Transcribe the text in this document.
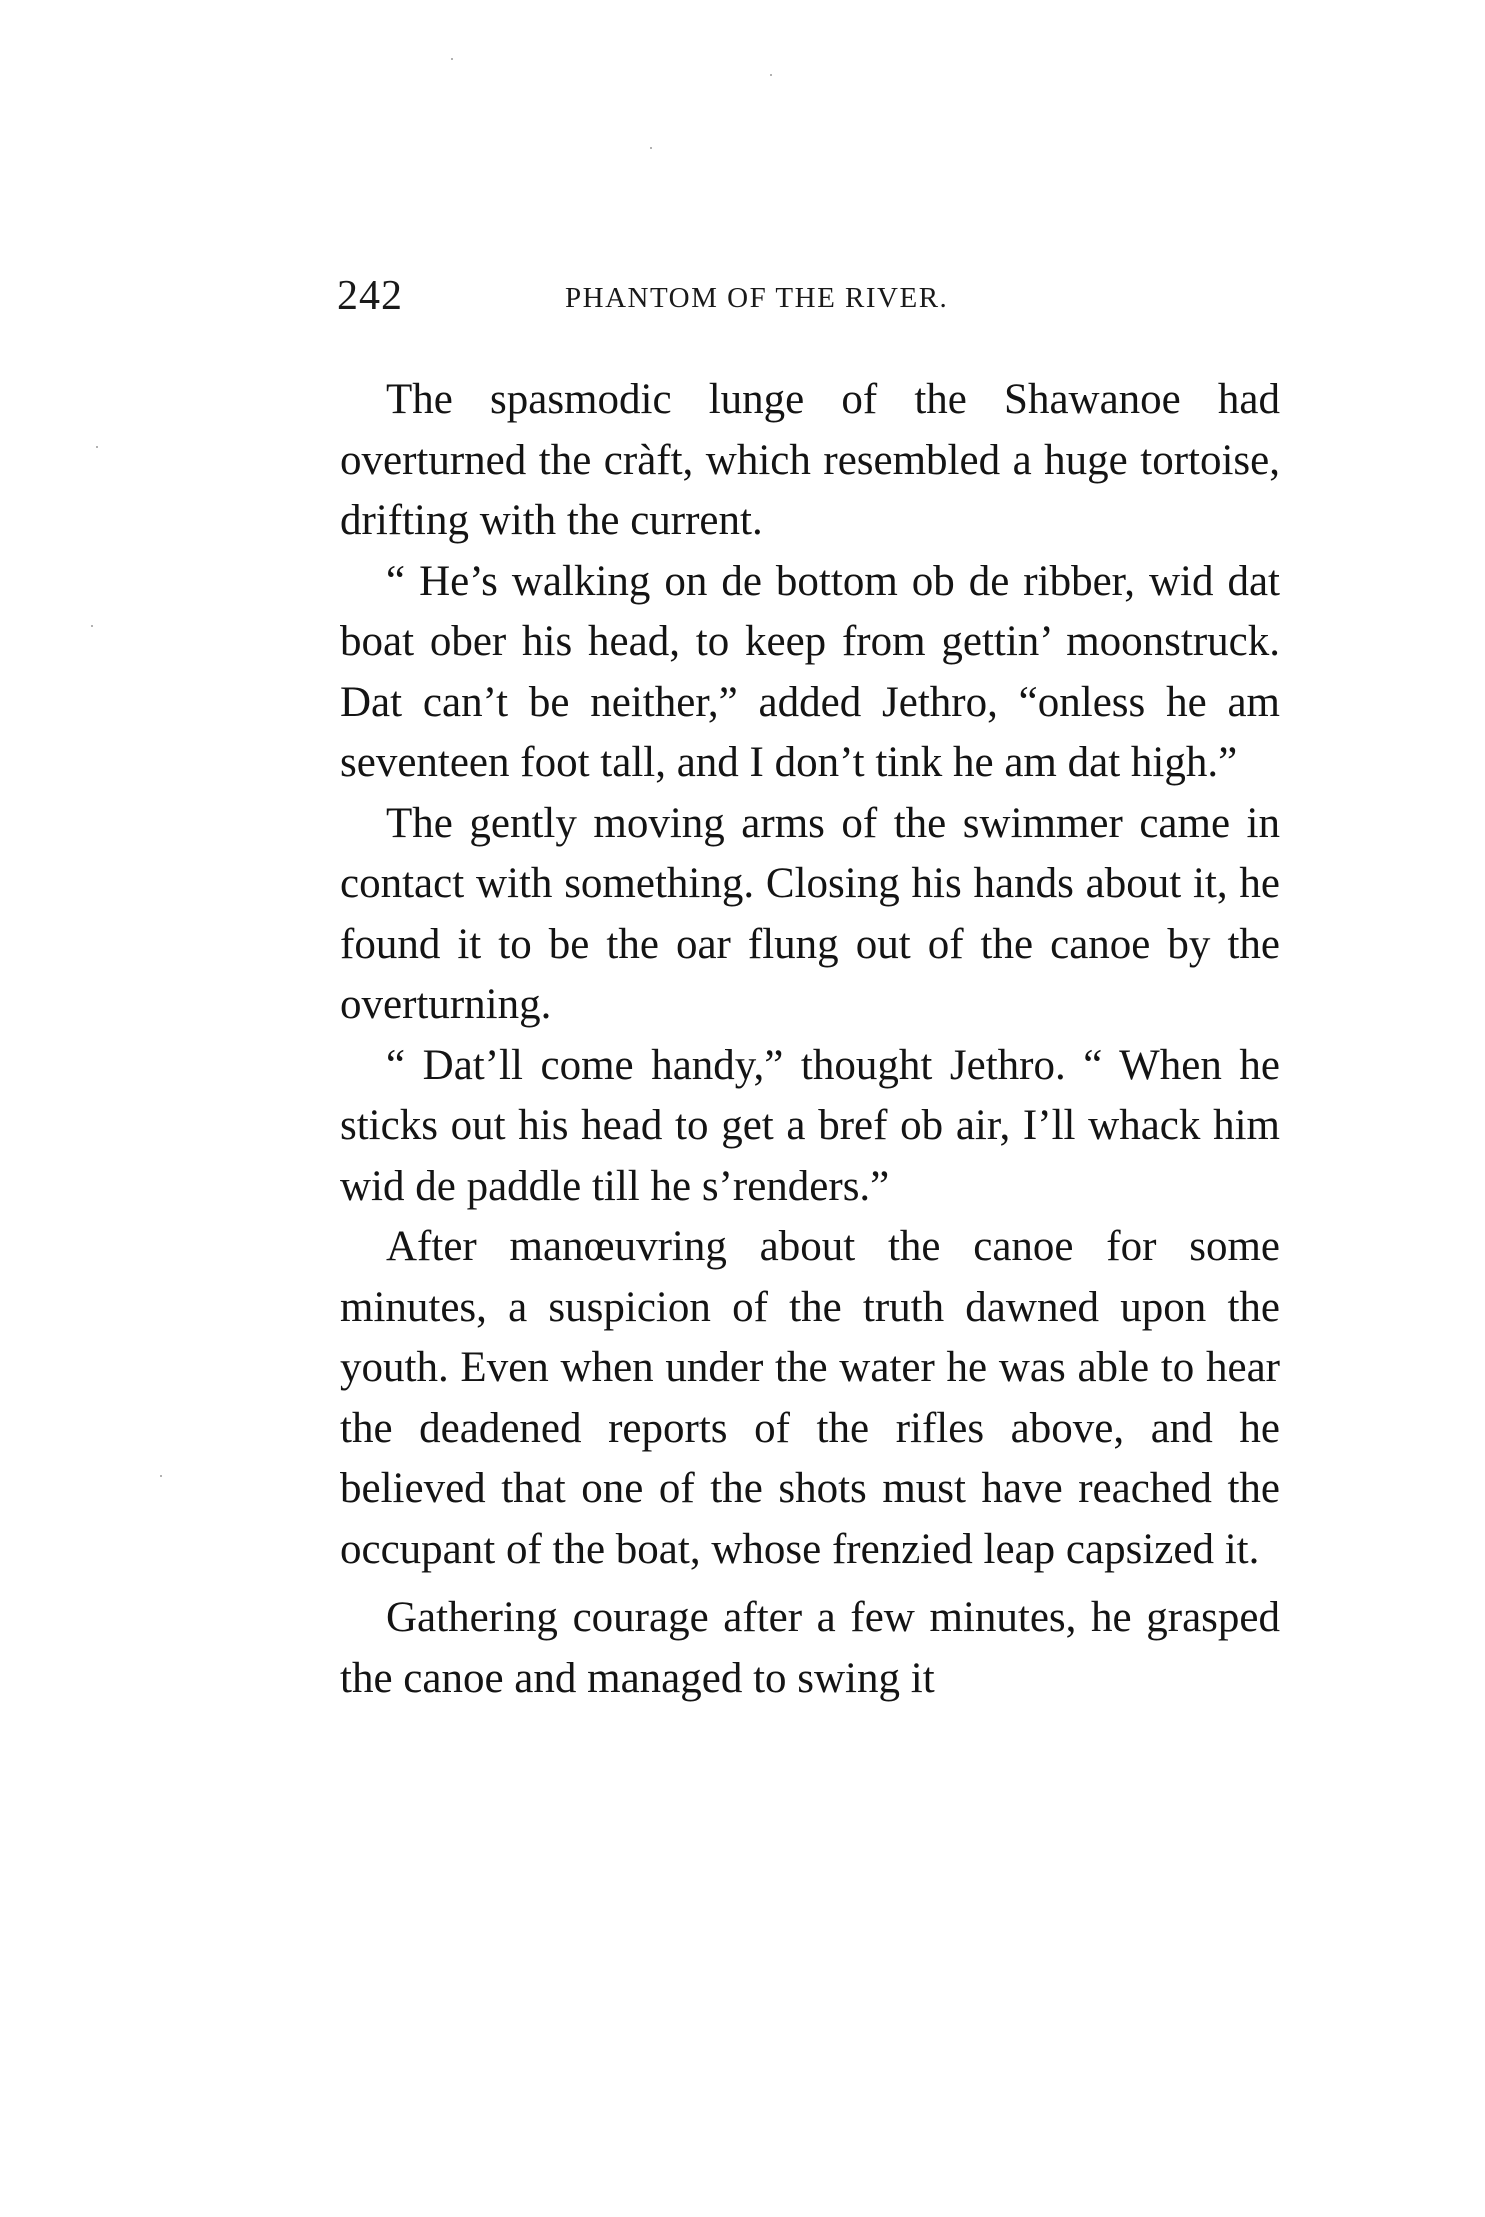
242	PHANTOM OF THE RIVER.

The spasmodic lunge of the Shawanoe had overturned the cràft, which resembled a huge tortoise, drifting with the current.

“ He’s walking on de bottom ob de ribber, wid dat boat ober his head, to keep from gettin’ moonstruck. Dat can’t be neither,” added Jethro, “onless he am seventeen foot tall, and I don’t tink he am dat high.”

The gently moving arms of the swimmer came in contact with something. Closing his hands about it, he found it to be the oar flung out of the canoe by the overturning.

“ Dat’ll come handy,” thought Jethro. “ When he sticks out his head to get a bref ob air, I’ll whack him wid de paddle till he s’renders.”

After manœuvring about the canoe for some minutes, a suspicion of the truth dawned upon the youth. Even when under the water he was able to hear the deadened reports of the rifles above, and he believed that one of the shots must have reached the occupant of the boat, whose frenzied leap capsized it.

Gathering courage after a few minutes, he grasped the canoe and managed to swing it
